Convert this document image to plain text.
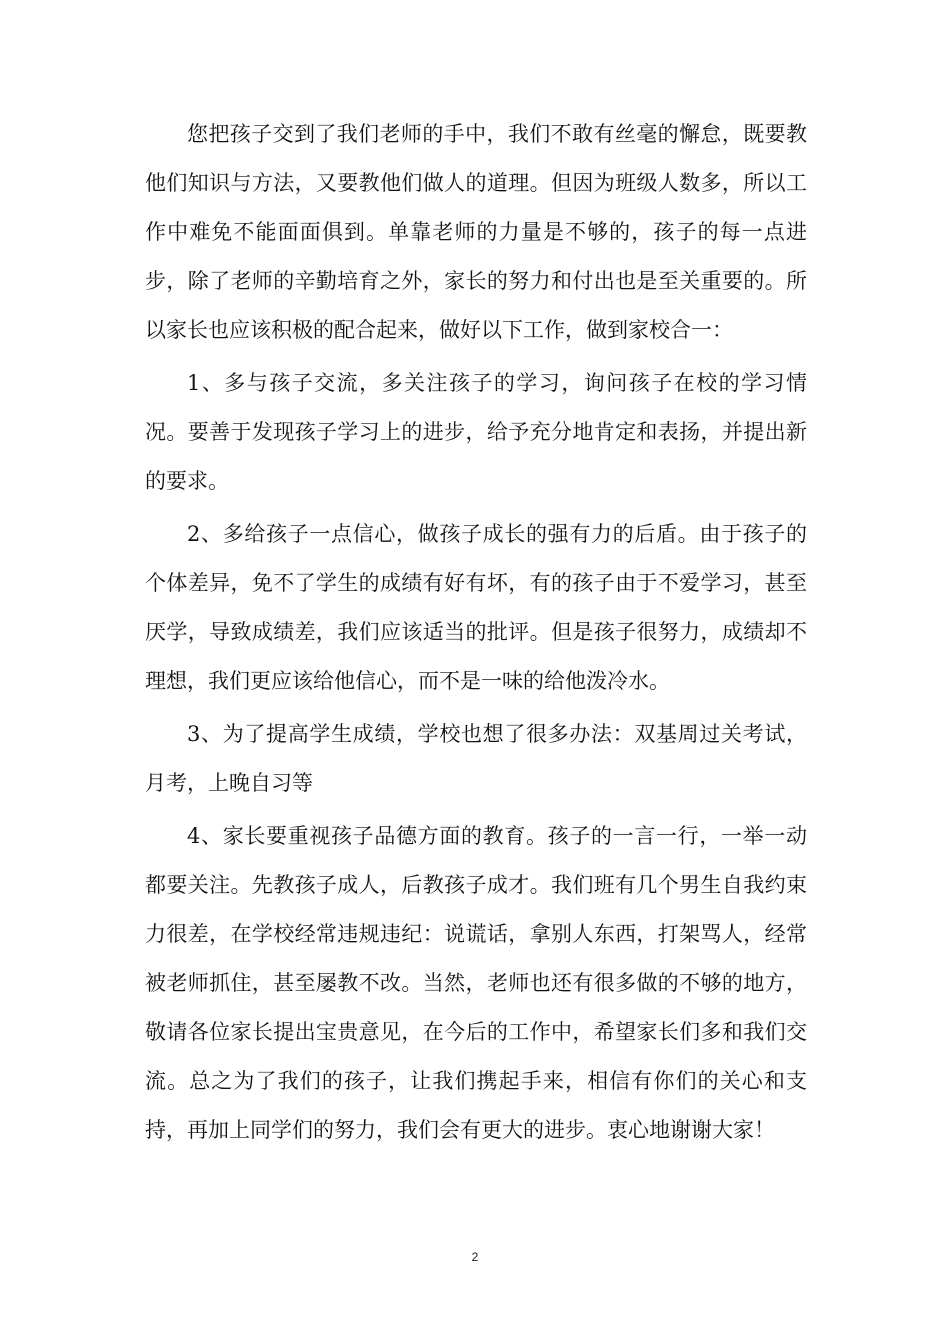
您把孩子交到了我们老师的手中，我们不敢有丝毫的懈怠，既要教他们知识与方法，又要教他们做人的道理。但因为班级人数多，所以工作中难免不能面面俱到。单靠老师的力量是不够的，孩子的每一点进步，除了老师的辛勤培育之外，家长的努力和付出也是至关重要的。所以家长也应该积极的配合起来，做好以下工作，做到家校合一：

1、多与孩子交流，多关注孩子的学习，询问孩子在校的学习情况。要善于发现孩子学习上的进步，给予充分地肯定和表扬，并提出新的要求。

2、多给孩子一点信心，做孩子成长的强有力的后盾。由于孩子的个体差异，免不了学生的成绩有好有坏，有的孩子由于不爱学习，甚至厌学，导致成绩差，我们应该适当的批评。但是孩子很努力，成绩却不理想，我们更应该给他信心，而不是一味的给他泼冷水。

3、为了提高学生成绩，学校也想了很多办法：双基周过关考试，月考，上晚自习等

4、家长要重视孩子品德方面的教育。孩子的一言一行，一举一动都要关注。先教孩子成人，后教孩子成才。我们班有几个男生自我约束力很差，在学校经常违规违纪：说谎话，拿别人东西，打架骂人，经常被老师抓住，甚至屡教不改。当然，老师也还有很多做的不够的地方，敬请各位家长提出宝贵意见，在今后的工作中，希望家长们多和我们交流。总之为了我们的孩子，让我们携起手来，相信有你们的关心和支持，再加上同学们的努力，我们会有更大的进步。衷心地谢谢大家！

2
